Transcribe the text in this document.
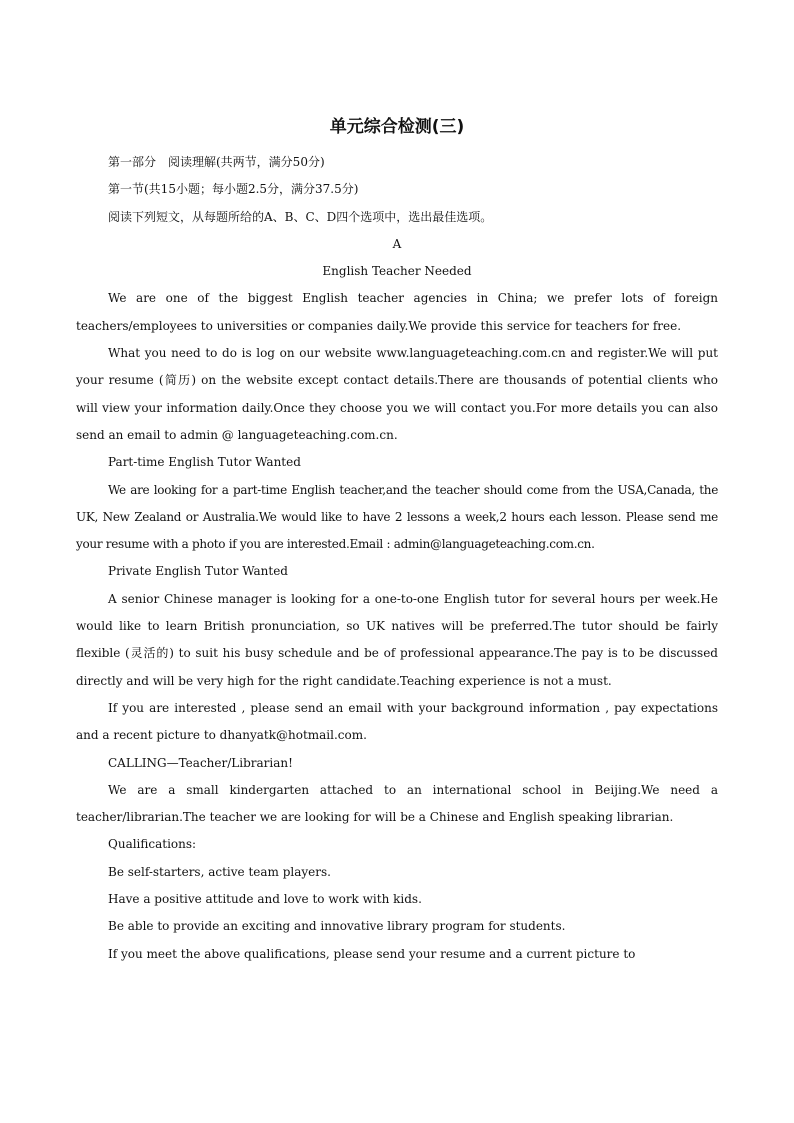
单元综合检测(三)

第一部分　阅读理解(共两节，满分50分)

第一节(共15小题；每小题2.5分，满分37.5分)

阅读下列短文，从每题所给的A、B、C、D四个选项中，选出最佳选项。

A

English Teacher Needed

We are one of the biggest English teacher agencies in China; we prefer lots of foreign teachers/employees to universities or companies daily.We provide this service for teachers for free.

What you need to do is log on our website www.languageteaching.com.cn and register.We will put your resume (简历) on the website except contact details.There are thousands of potential clients who will view your information daily.Once they choose you we will contact you.For more details you can also send an email to admin @ languageteaching.com.cn.

Part-time English Tutor Wanted

We are looking for a part-time English teacher,and the teacher should come from the USA,Canada, the UK, New Zealand or Australia.We would like to have 2 lessons a week,2 hours each lesson. Please send me your resume with a photo if you are interested.Email : admin@languageteaching.com.cn.

Private English Tutor Wanted

A senior Chinese manager is looking for a one-to-one English tutor for several hours per week.He would like to learn British pronunciation, so UK natives will be preferred.The tutor should be fairly flexible (灵活的) to suit his busy schedule and be of professional appearance.The pay is to be discussed directly and will be very high for the right candidate.Teaching experience is not a must.

If you are interested , please send an email with your background information , pay expectations and a recent picture to dhanyatk@hotmail.com.

CALLING—Teacher/Librarian!

We are a small kindergarten attached to an international school in Beijing.We need a teacher/librarian.The teacher we are looking for will be a Chinese and English speaking librarian.

Qualifications:

Be self-starters, active team players.

Have a positive attitude and love to work with kids.

Be able to provide an exciting and innovative library program for students.

If you meet the above qualifications, please send your resume and a current picture to
